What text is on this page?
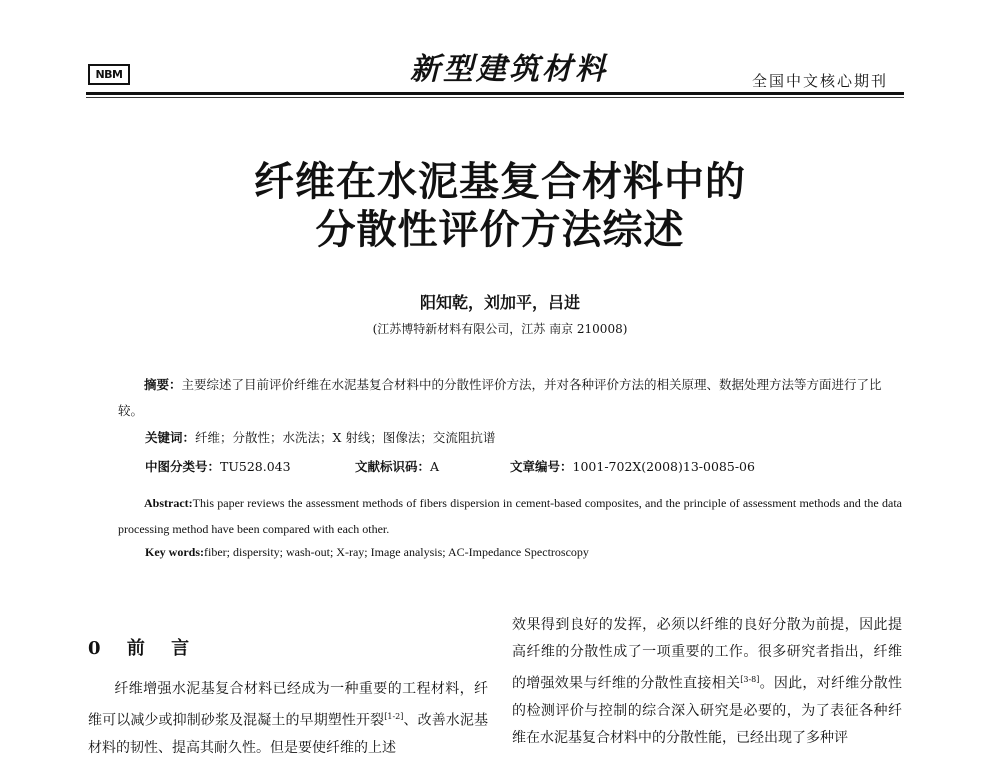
NBM	新型建筑材料	全国中文核心期刊
纤维在水泥基复合材料中的
分散性评价方法综述
阳知乾，刘加平，吕进
(江苏博特新材料有限公司，江苏 南京 210008)
摘要：主要综述了目前评价纤维在水泥基复合材料中的分散性评价方法，并对各种评价方法的相关原理、数据处理方法等方面进行了比较。
关键词：纤维；分散性；水洗法；X 射线；图像法；交流阻抗谱
中图分类号：TU528.043	文献标识码：A	文章编号：1001-702X(2008)13-0085-06
Abstract:This paper reviews the assessment methods of fibers dispersion in cement-based composites, and the principle of assessment methods and the data processing method have been compared with each other.
Key words:fiber; dispersity; wash-out; X-ray; Image analysis; AC-Impedance Spectroscopy
0 前 言
纤维增强水泥基复合材料已经成为一种重要的工程材料，纤维可以减少或抑制砂浆及混凝土的早期塑性开裂[1-2]、改善水泥基材料的韧性、提高其耐久性。但是要使纤维的上述
效果得到良好的发挥，必须以纤维的良好分散为前提，因此提高纤维的分散性成了一项重要的工作。很多研究者指出，纤维的增强效果与纤维的分散性直接相关[3-8]。因此，对纤维分散性的检测评价与控制的综合深入研究是必要的，为了表征各种纤维在水泥基复合材料中的分散性能，已经出现了多种评
